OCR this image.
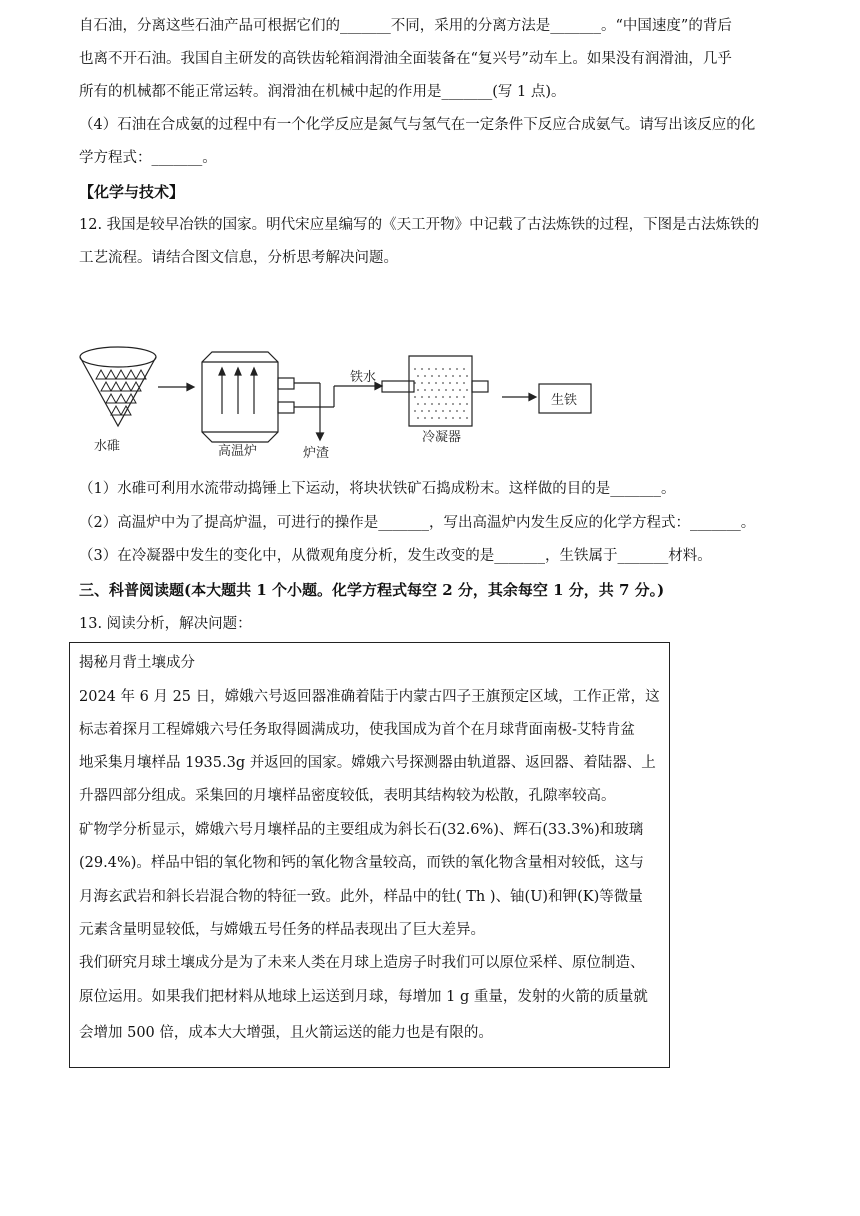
自石油，分离这些石油产品可根据它们的_______不同，采用的分离方法是_______。“中国速度”的背后
也离不开石油。我国自主研发的高铁齿轮箱润滑油全面装备在“复兴号”动车上。如果没有润滑油，几乎
所有的机械都不能正常运转。润滑油在机械中起的作用是_______(写 1 点)。
（4）石油在合成氨的过程中有一个化学反应是氮气与氢气在一定条件下反应合成氨气。请写出该反应的化
学方程式：_______。
【化学与技术】
12. 我国是较早冶铁的国家。明代宋应星编写的《天工开物》中记载了古法炼铁的过程，下图是古法炼铁的
工艺流程。请结合图文信息，分析思考解决问题。
水碓	高温炉	炉渣
铁水
冷凝器
生铁
（1）水碓可利用水流带动捣锤上下运动，将块状铁矿石捣成粉末。这样做的目的是_______。
（2）高温炉中为了提高炉温，可进行的操作是_______，写出高温炉内发生反应的化学方程式：_______。
（3）在冷凝器中发生的变化中，从微观角度分析，发生改变的是_______，生铁属于_______材料。
三、科普阅读题(本大题共 1 个小题。化学方程式每空 2 分，其余每空 1 分，共 7 分。)
13. 阅读分析，解决问题：
揭秘月背土壤成分
2024 年 6 月 25 日，嫦娥六号返回器准确着陆于内蒙古四子王旗预定区域，工作正常，这
标志着探月工程嫦娥六号任务取得圆满成功，使我国成为首个在月球背面南极-艾特肯盆
地采集月壤样品 1935.3g 并返回的国家。嫦娥六号探测器由轨道器、返回器、着陆器、上
升器四部分组成。采集回的月壤样品密度较低，表明其结构较为松散，孔隙率较高。
矿物学分析显示，嫦娥六号月壤样品的主要组成为斜长石(32.6%)、辉石(33.3%)和玻璃
(29.4%)。样品中铝的氧化物和钙的氧化物含量较高，而铁的氧化物含量相对较低，这与
月海玄武岩和斜长岩混合物的特征一致。此外，样品中的钍( Th )、铀(U)和钾(K)等微量
元素含量明显较低，与嫦娥五号任务的样品表现出了巨大差异。
我们研究月球土壤成分是为了未来人类在月球上造房子时我们可以原位采样、原位制造、
原位运用。如果我们把材料从地球上运送到月球，每增加 1 g 重量，发射的火箭的质量就
会增加 500 倍，成本大大增强，且火箭运送的能力也是有限的。
